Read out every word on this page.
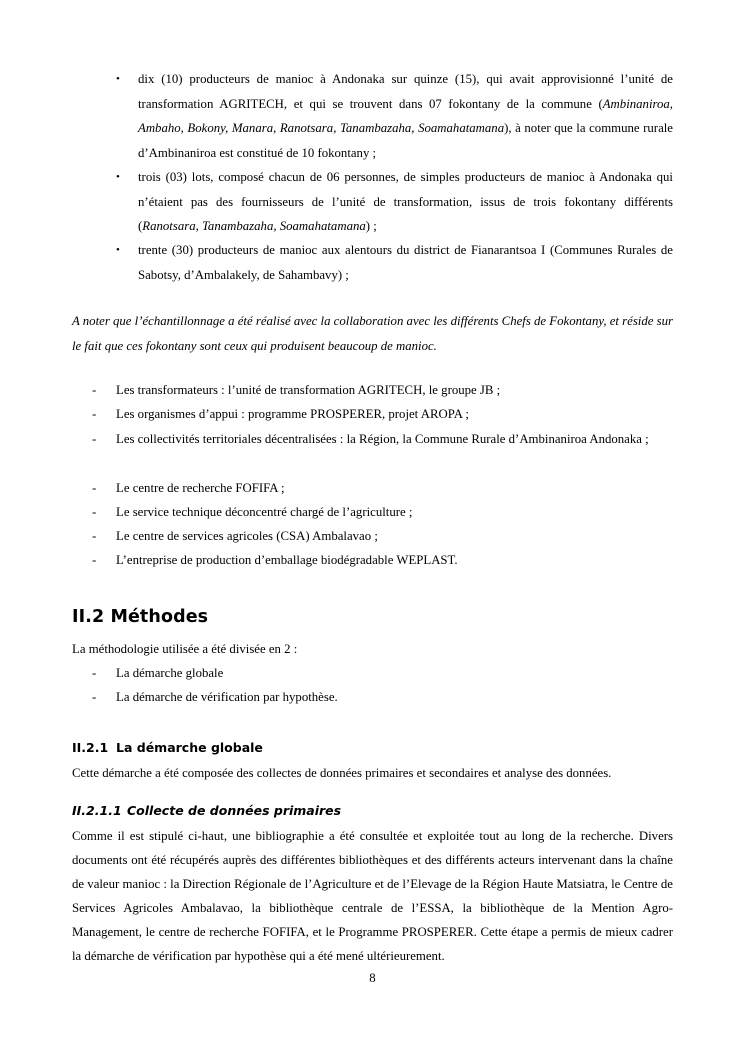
• dix (10) producteurs de manioc à Andonaka sur quinze (15), qui avait approvisionné l’unité de transformation AGRITECH, et qui se trouvent dans 07 fokontany de la commune (Ambinaniroa, Ambaho, Bokony, Manara, Ranotsara, Tanambazaha, Soamahatamana), à noter que la commune rurale d’Ambinaniroa est constitué de 10 fokontany ;

• trois (03) lots, composé chacun de 06 personnes, de simples producteurs de manioc à Andonaka qui n’étaient pas des fournisseurs de l’unité de transformation, issus de trois fokontany différents (Ranotsara, Tanambazaha, Soamahatamana) ;

• trente (30) producteurs de manioc aux alentours du district de Fianarantsoa I (Communes Rurales de Sabotsy, d’Ambalakely, de Sahambavy) ;

A noter que l’échantillonnage a été réalisé avec la collaboration avec les différents Chefs de Fokontany, et réside sur le fait que ces fokontany sont ceux qui produisent beaucoup de manioc.

- Les transformateurs : l’unité de transformation AGRITECH, le groupe JB ;

- Les organismes d’appui : programme PROSPERER, projet AROPA ;

- Les collectivités territoriales décentralisées : la Région, la Commune Rurale d’Ambinaniroa Andonaka ;

- Le centre de recherche FOFIFA ;

- Le service technique déconcentré chargé de l’agriculture ;

- Le centre de services agricoles (CSA) Ambalavao ;

- L’entreprise de production d’emballage biodégradable WEPLAST.

II.2 Méthodes

La méthodologie utilisée a été divisée en 2 :

- La démarche globale

- La démarche de vérification par hypothèse.

II.2.1 La démarche globale

Cette démarche a été composée des collectes de données primaires et secondaires et analyse des données.

II.2.1.1 Collecte de données primaires

Comme il est stipulé ci-haut, une bibliographie a été consultée et exploitée tout au long de la recherche. Divers documents ont été récupérés auprès des différentes bibliothèques et des différents acteurs intervenant dans la chaîne de valeur manioc : la Direction Régionale de l’Agriculture et de l’Elevage de la Région Haute Matsiatra, le Centre de Services Agricoles Ambalavao, la bibliothèque centrale de l’ESSA, la bibliothèque de la Mention Agro-Management, le centre de recherche FOFIFA, et le Programme PROSPERER. Cette étape a permis de mieux cadrer la démarche de vérification par hypothèse qui a été mené ultérieurement.

8
